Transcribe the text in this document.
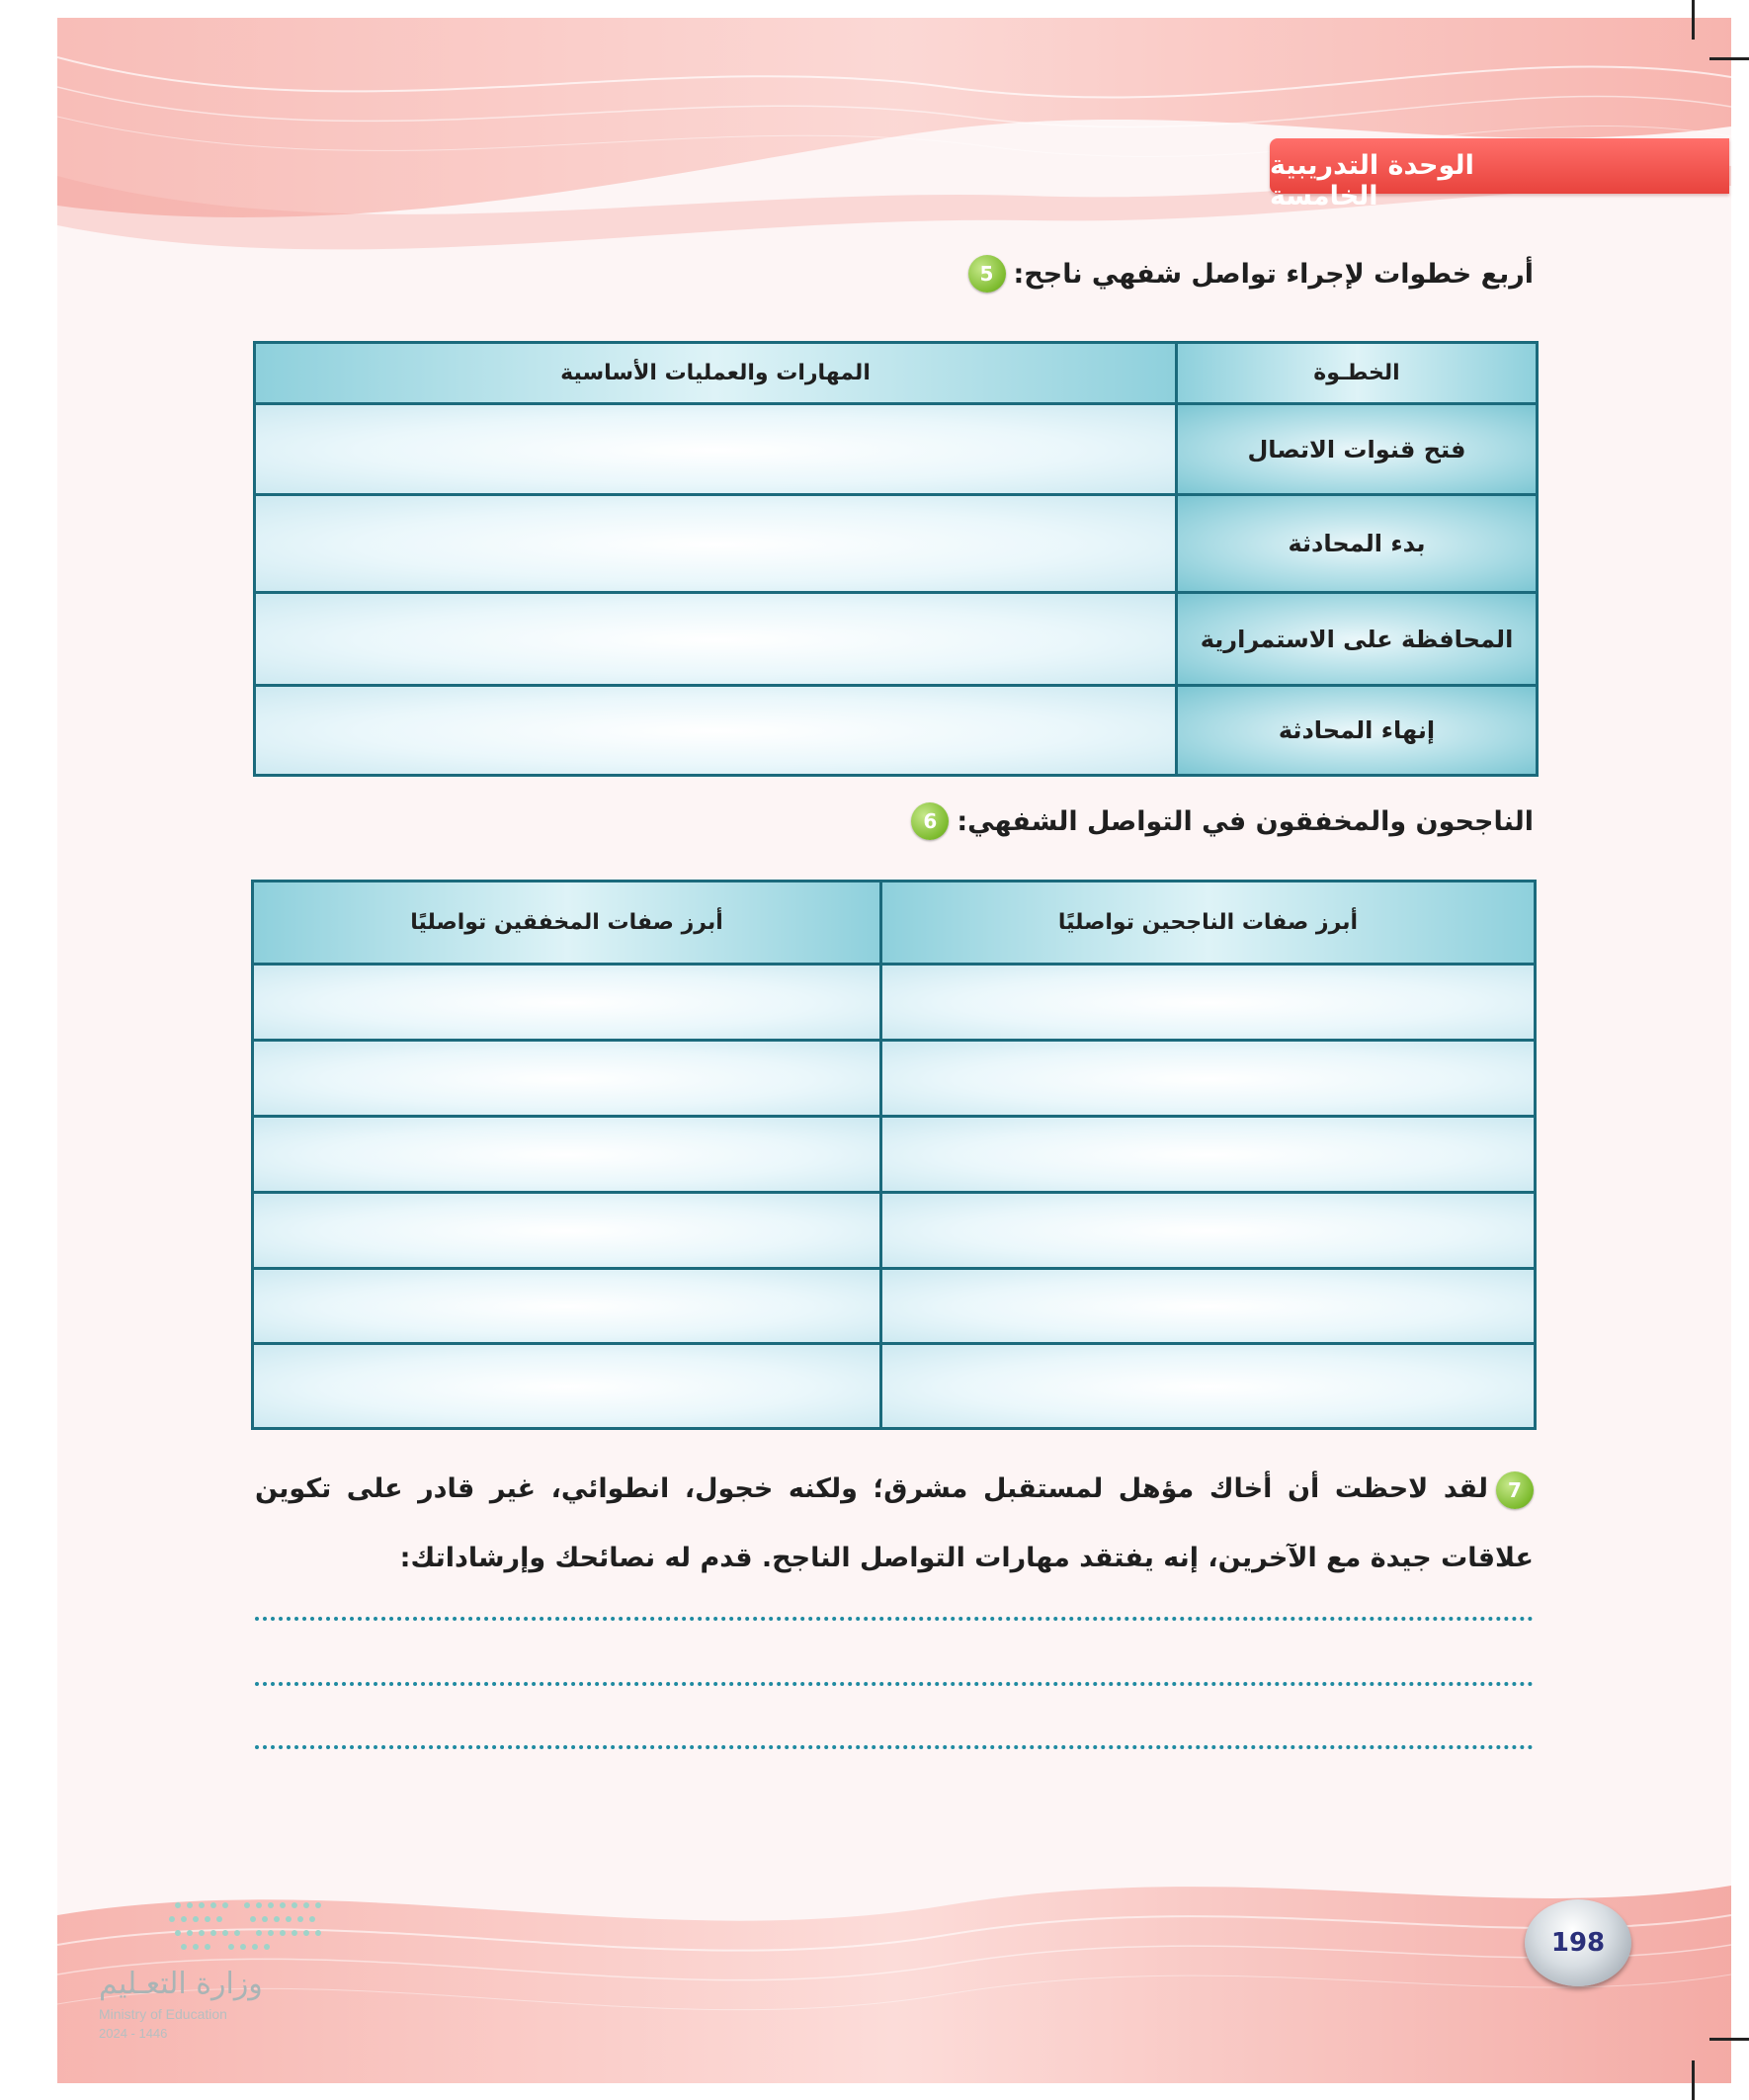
الوحدة التدريبية الخامسة
5 أربع خطوات لإجراء تواصل شفهي ناجح:
الخطـوة	المهارات والعمليات الأساسية
فتح قنوات الاتصال	
بدء المحادثة	
المحافظة على الاستمرارية	
إنهاء المحادثة	
6 الناجحون والمخفقون في التواصل الشفهي:
أبرز صفات الناجحين تواصليًا	أبرز صفات المخفقين تواصليًا

7لقد لاحظت أن أخاك مؤهل لمستقبل مشرق؛ ولكنه خجول، انطوائي، غير قادر على تكوين علاقات جيدة مع الآخرين، إنه يفتقد مهارات التواصل الناجح. قدم له نصائحك وإرشاداتك:
وزارة التعـليم
Ministry of Education
2024 - 1446
198
